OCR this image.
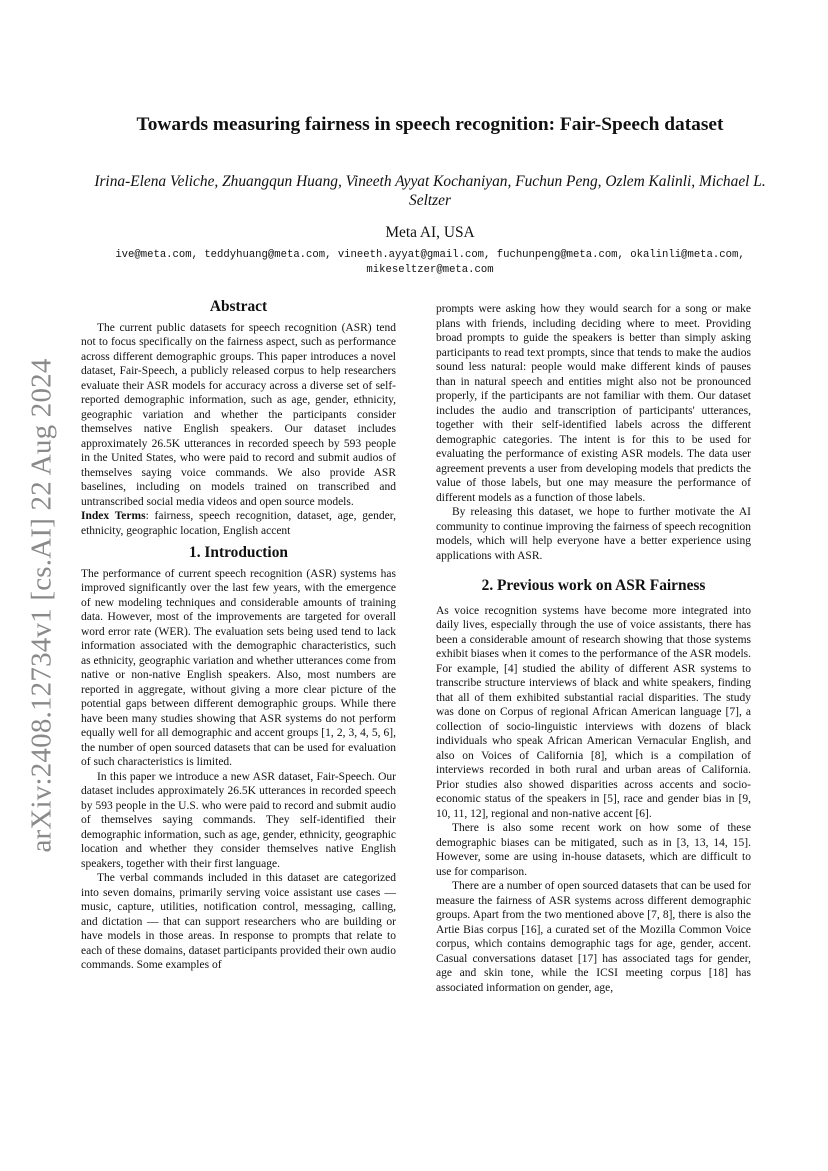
arXiv:2408.12734v1 [cs.AI] 22 Aug 2024
Towards measuring fairness in speech recognition: Fair-Speech dataset

Irina-Elena Veliche, Zhuangqun Huang, Vineeth Ayyat Kochaniyan, Fuchun Peng, Ozlem Kalinli, Michael L. Seltzer

Meta AI, USA

ive@meta.com, teddyhuang@meta.com, vineeth.ayyat@gmail.com, fuchunpeng@meta.com, okalinli@meta.com, mikeseltzer@meta.com

Abstract

The current public datasets for speech recognition (ASR) tend not to focus specifically on the fairness aspect, such as performance across different demographic groups. This paper introduces a novel dataset, Fair-Speech, a publicly released corpus to help researchers evaluate their ASR models for accuracy across a diverse set of self-reported demographic information, such as age, gender, ethnicity, geographic variation and whether the participants consider themselves native English speakers. Our dataset includes approximately 26.5K utterances in recorded speech by 593 people in the United States, who were paid to record and submit audios of themselves saying voice commands. We also provide ASR baselines, including on models trained on transcribed and untranscribed social media videos and open source models.

Index Terms: fairness, speech recognition, dataset, age, gender, ethnicity, geographic location, English accent

1. Introduction

The performance of current speech recognition (ASR) systems has improved significantly over the last few years, with the emergence of new modeling techniques and considerable amounts of training data. However, most of the improvements are targeted for overall word error rate (WER). The evaluation sets being used tend to lack information associated with the demographic characteristics, such as ethnicity, geographic variation and whether utterances come from native or non-native English speakers. Also, most numbers are reported in aggregate, without giving a more clear picture of the potential gaps between different demographic groups. While there have been many studies showing that ASR systems do not perform equally well for all demographic and accent groups [1, 2, 3, 4, 5, 6], the number of open sourced datasets that can be used for evaluation of such characteristics is limited.

In this paper we introduce a new ASR dataset, Fair-Speech. Our dataset includes approximately 26.5K utterances in recorded speech by 593 people in the U.S. who were paid to record and submit audio of themselves saying commands. They self-identified their demographic information, such as age, gender, ethnicity, geographic location and whether they consider themselves native English speakers, together with their first language.

The verbal commands included in this dataset are categorized into seven domains, primarily serving voice assistant use cases — music, capture, utilities, notification control, messaging, calling, and dictation — that can support researchers who are building or have models in those areas. In response to prompts that relate to each of these domains, dataset participants provided their own audio commands. Some examples of

prompts were asking how they would search for a song or make plans with friends, including deciding where to meet. Providing broad prompts to guide the speakers is better than simply asking participants to read text prompts, since that tends to make the audios sound less natural: people would make different kinds of pauses than in natural speech and entities might also not be pronounced properly, if the participants are not familiar with them. Our dataset includes the audio and transcription of participants' utterances, together with their self-identified labels across the different demographic categories. The intent is for this to be used for evaluating the performance of existing ASR models. The data user agreement prevents a user from developing models that predicts the value of those labels, but one may measure the performance of different models as a function of those labels.

By releasing this dataset, we hope to further motivate the AI community to continue improving the fairness of speech recognition models, which will help everyone have a better experience using applications with ASR.

2. Previous work on ASR Fairness

As voice recognition systems have become more integrated into daily lives, especially through the use of voice assistants, there has been a considerable amount of research showing that those systems exhibit biases when it comes to the performance of the ASR models. For example, [4] studied the ability of different ASR systems to transcribe structure interviews of black and white speakers, finding that all of them exhibited substantial racial disparities. The study was done on Corpus of regional African American language [7], a collection of socio-linguistic interviews with dozens of black individuals who speak African American Vernacular English, and also on Voices of California [8], which is a compilation of interviews recorded in both rural and urban areas of California. Prior studies also showed disparities across accents and socio-economic status of the speakers in [5], race and gender bias in [9, 10, 11, 12], regional and non-native accent [6].

There is also some recent work on how some of these demographic biases can be mitigated, such as in [3, 13, 14, 15]. However, some are using in-house datasets, which are difficult to use for comparison.

There are a number of open sourced datasets that can be used for measure the fairness of ASR systems across different demographic groups. Apart from the two mentioned above [7, 8], there is also the Artie Bias corpus [16], a curated set of the Mozilla Common Voice corpus, which contains demographic tags for age, gender, accent. Casual conversations dataset [17] has associated tags for gender, age and skin tone, while the ICSI meeting corpus [18] has associated information on gender, age,
